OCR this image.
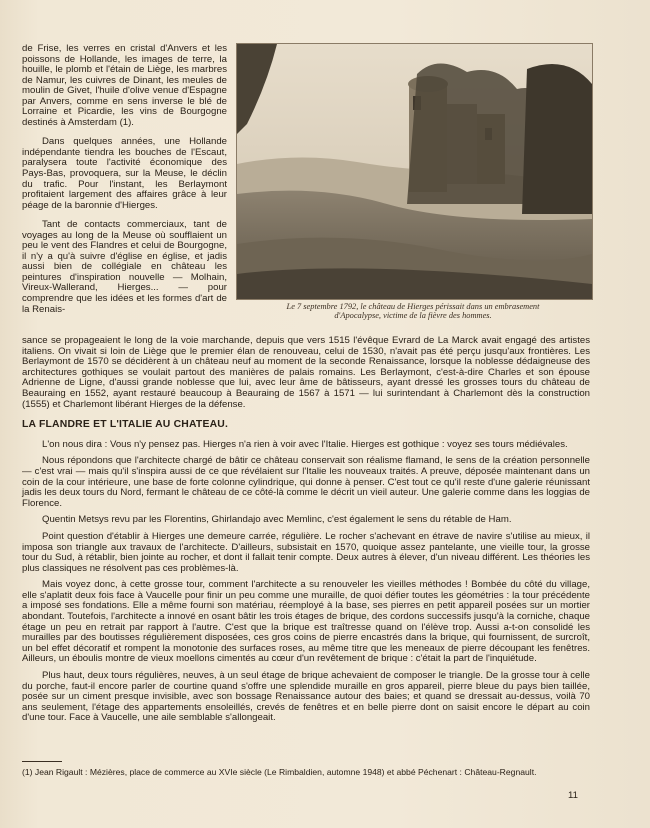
de Frise, les verres en cristal d'Anvers et les poissons de Hollande, les images de terre, la houille, le plomb et l'étain de Liège, les marbres de Namur, les cuivres de Dinant, les meules de moulin de Givet, l'huile d'olive venue d'Espagne par Anvers, comme en sens inverse le blé de Lorraine et Picardie, les vins de Bourgogne destinés à Amsterdam (1).

Dans quelques années, une Hollande indépendante tiendra les bouches de l'Escaut, paralysera toute l'activité économique des Pays-Bas, provoquera, sur la Meuse, le déclin du trafic. Pour l'instant, les Berlaymont profitaient largement des affaires grâce à leur péage de la baronnie d'Hierges.

Tant de contacts commerciaux, tant de voyages au long de la Meuse où soufflaient un peu le vent des Flandres et celui de Bourgogne, il n'y a qu'à suivre d'église en église, et jadis aussi bien de collégiale en château les peintures d'inspiration nouvelle — Molhain, Vireux-Wallerand, Hierges... — pour comprendre que les idées et les formes d'art de la Renais-	Le 7 septembre 1792, le château de Hierges périssait dans un embrasement
d'Apocalypse, victime de la fièvre des hommes.

sance se propageaient le long de la voie marchande, depuis que vers 1515 l'évêque Evrard de La Marck avait engagé des artistes italiens. On vivait si loin de Liège que le premier élan de renouveau, celui de 1530, n'avait pas été perçu jusqu'aux frontières. Les Berlaymont de 1570 se décidèrent à un château neuf au moment de la seconde Renaissance, lorsque la noblesse dédaigneuse des architectures gothiques se voulait partout des manières de palais romains. Les Berlaymont, c'est-à-dire Charles et son épouse Adrienne de Ligne, d'aussi grande noblesse que lui, avec leur âme de bâtisseurs, ayant dressé les grosses tours du château de Beauraing en 1552, ayant restauré beaucoup à Beauraing de 1567 à 1571 — lui surintendant à Charlemont dès la construction (1555) et Charlemont libérant Hierges de la défense.

LA FLANDRE ET L'ITALIE AU CHATEAU.

L'on nous dira : Vous n'y pensez pas. Hierges n'a rien à voir avec l'Italie. Hierges est gothique : voyez ses tours médiévales.

Nous répondons que l'architecte chargé de bâtir ce château conservait son réalisme flamand, le sens de la création personnelle — c'est vrai — mais qu'il s'inspira aussi de ce que révélaient sur l'Italie les nouveaux traités. A preuve, déposée maintenant dans un coin de la cour intérieure, une base de forte colonne cylindrique, qui donne à penser. C'est tout ce qu'il reste d'une galerie réunissant jadis les deux tours du Nord, fermant le château de ce côté-là comme le décrit un vieil auteur. Une galerie comme dans les loggias de Florence.

Quentin Metsys revu par les Florentins, Ghirlandajo avec Memlinc, c'est également le sens du rétable de Ham.

Point question d'établir à Hierges une demeure carrée, régulière. Le rocher s'achevant en étrave de navire s'utilise au mieux, il imposa son triangle aux travaux de l'architecte. D'ailleurs, subsistait en 1570, quoique assez pantelante, une vieille tour, la grosse tour du Sud, à rétablir, bien jointe au rocher, et dont il fallait tenir compte. Deux autres à élever, d'un niveau différent. Les théories les plus classiques ne résolvent pas ces problèmes-là.

Mais voyez donc, à cette grosse tour, comment l'architecte a su renouveler les vieilles méthodes ! Bombée du côté du village, elle s'aplatit deux fois face à Vaucelle pour finir un peu comme une muraille, de quoi défier toutes les géométries : la tour précédente a imposé ses fondations. Elle a même fourni son matériau, réemployé à la base, ses pierres en petit appareil posées sur un mortier abondant. Toutefois, l'architecte a innové en osant bâtir les trois étages de brique, des cordons successifs jusqu'à la corniche, chaque étage un peu en retrait par rapport à l'autre. C'est que la brique est traîtresse quand on l'élève trop. Aussi a-t-on consolidé les murailles par des boutisses régulièrement disposées, ces gros coins de pierre encastrés dans la brique, qui fournissent, de surcroît, un bel effet décoratif et rompent la monotonie des surfaces roses, au même titre que les meneaux de pierre découpant les fenêtres. Ailleurs, un éboulis montre de vieux moellons cimentés au cœur d'un revêtement de brique : c'était la part de l'inquiétude.

Plus haut, deux tours régulières, neuves, à un seul étage de brique achevaient de composer le triangle. De la grosse tour à celle du porche, faut-il encore parler de courtine quand s'offre une splendide muraille en gros appareil, pierre bleue du pays bien taillée, posée sur un ciment presque invisible, avec son bossage Renaissance autour des baies; et quand se dressait au-dessus, voilà 70 ans seulement, l'étage des appartements ensoleillés, crevés de fenêtres et en belle pierre dont on saisit encore le départ au coin d'une tour. Face à Vaucelle, une aile semblable s'allongeait.

(1) Jean Rigault : Mézières, place de commerce au XVIe siècle (Le Rimbaldien, automne 1948) et abbé Péchenart : Château-Regnault.
11
